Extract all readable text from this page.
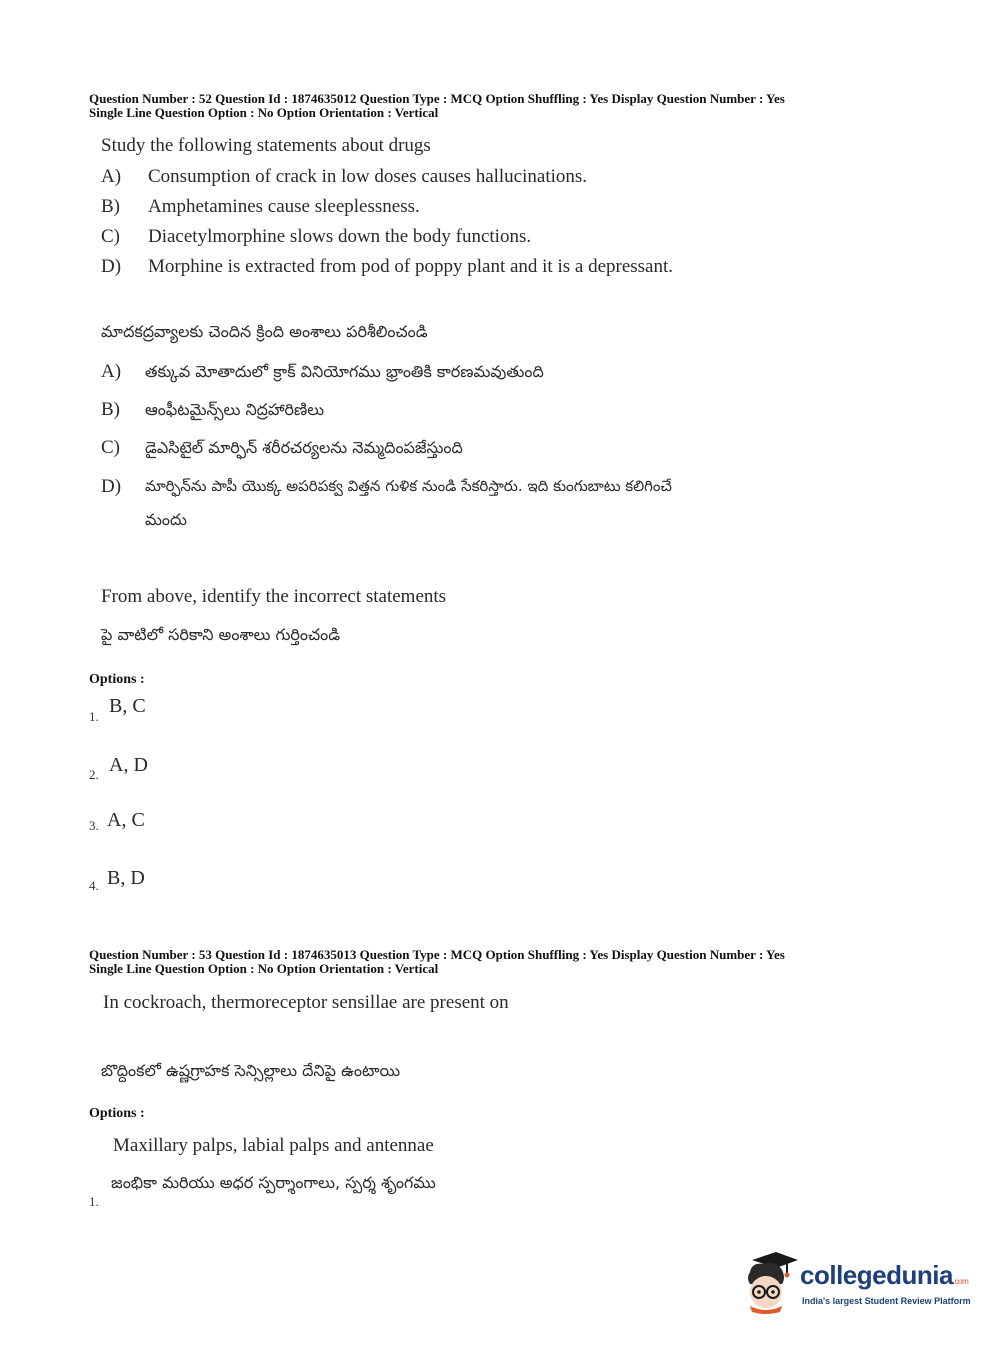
Question Number : 52 Question Id : 1874635012 Question Type : MCQ Option Shuffling : Yes Display Question Number : Yes
Single Line Question Option : No Option Orientation : Vertical
Study the following statements about drugs
A) Consumption of crack in low doses causes hallucinations.
B) Amphetamines cause sleeplessness.
C) Diacetylmorphine slows down the body functions.
D) Morphine is extracted from pod of poppy plant and it is a depressant.
మాదకద్రవ్యాలకు చెందిన క్రింది అంశాలు పరిశీలించండి
A) తక్కువ మోతాదులో క్రాక్ వినియోగము భ్రాంతికి కారణమవుతుంది
B) ఆంఫీటమైన్స్‌లు నిద్రహారిణిలు
C) డైఎసిటైల్ మార్ఫిన్ శరీరచర్యలను నెమ్మదింపజేస్తుంది
D) మార్ఫిన్‌ను పాపీ యొక్క అపరిపక్వ విత్తన గుళిక నుండి సేకరిస్తారు. ఇది కుంగుబాటు కలిగించే
మందు
From above, identify the incorrect statements
పై వాటిలో సరికాని అంశాలు గుర్తించండి
Options :
1. B, C
2. A, D
3. A, C
4. B, D
Question Number : 53 Question Id : 1874635013 Question Type : MCQ Option Shuffling : Yes Display Question Number : Yes
Single Line Question Option : No Option Orientation : Vertical
In cockroach, thermoreceptor sensillae are present on
బొద్దింకలో ఉష్ణగ్రాహక సెన్సిల్లాలు దేనిపై ఉంటాయి
Options :
Maxillary palps, labial palps and antennae
జంభికా మరియు అధర స్పర్శాంగాలు, స్పర్శ శృంగము
1.
collegedunia.com
India's largest Student Review Platform
